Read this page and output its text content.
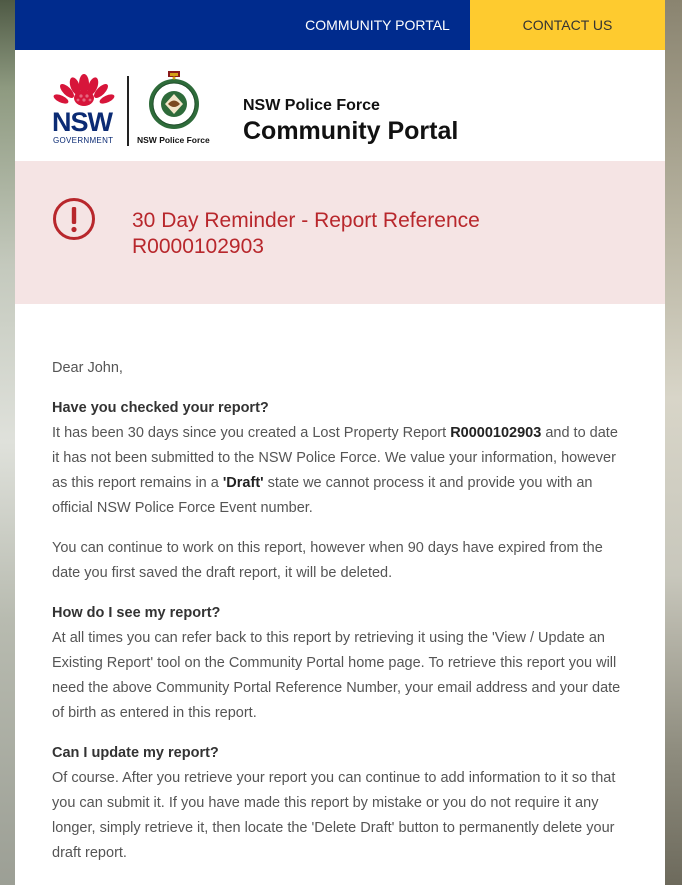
COMMUNITY PORTAL	CONTACT US
NSW
GOVERNMENT	NSW Police Force
NSW Police Force
Community Portal
30 Day Reminder - Report Reference R0000102903

Dear John,

Have you checked your report?
It has been 30 days since you created a Lost Property Report R0000102903 and to date it has not been submitted to the NSW Police Force. We value your information, however as this report remains in a 'Draft' state we cannot process it and provide you with an official NSW Police Force Event number.

You can continue to work on this report, however when 90 days have expired from the date you first saved the draft report, it will be deleted.

How do I see my report?
At all times you can refer back to this report by retrieving it using the 'View / Update an Existing Report' tool on the Community Portal home page. To retrieve this report you will need the above Community Portal Reference Number, your email address and your date of birth as entered in this report.

Can I update my report?
Of course. After you retrieve your report you can continue to add information to it so that you can submit it. If you have made this report by mistake or you do not require it any longer, simply retrieve it, then locate the 'Delete Draft' button to permanently delete your draft report.
